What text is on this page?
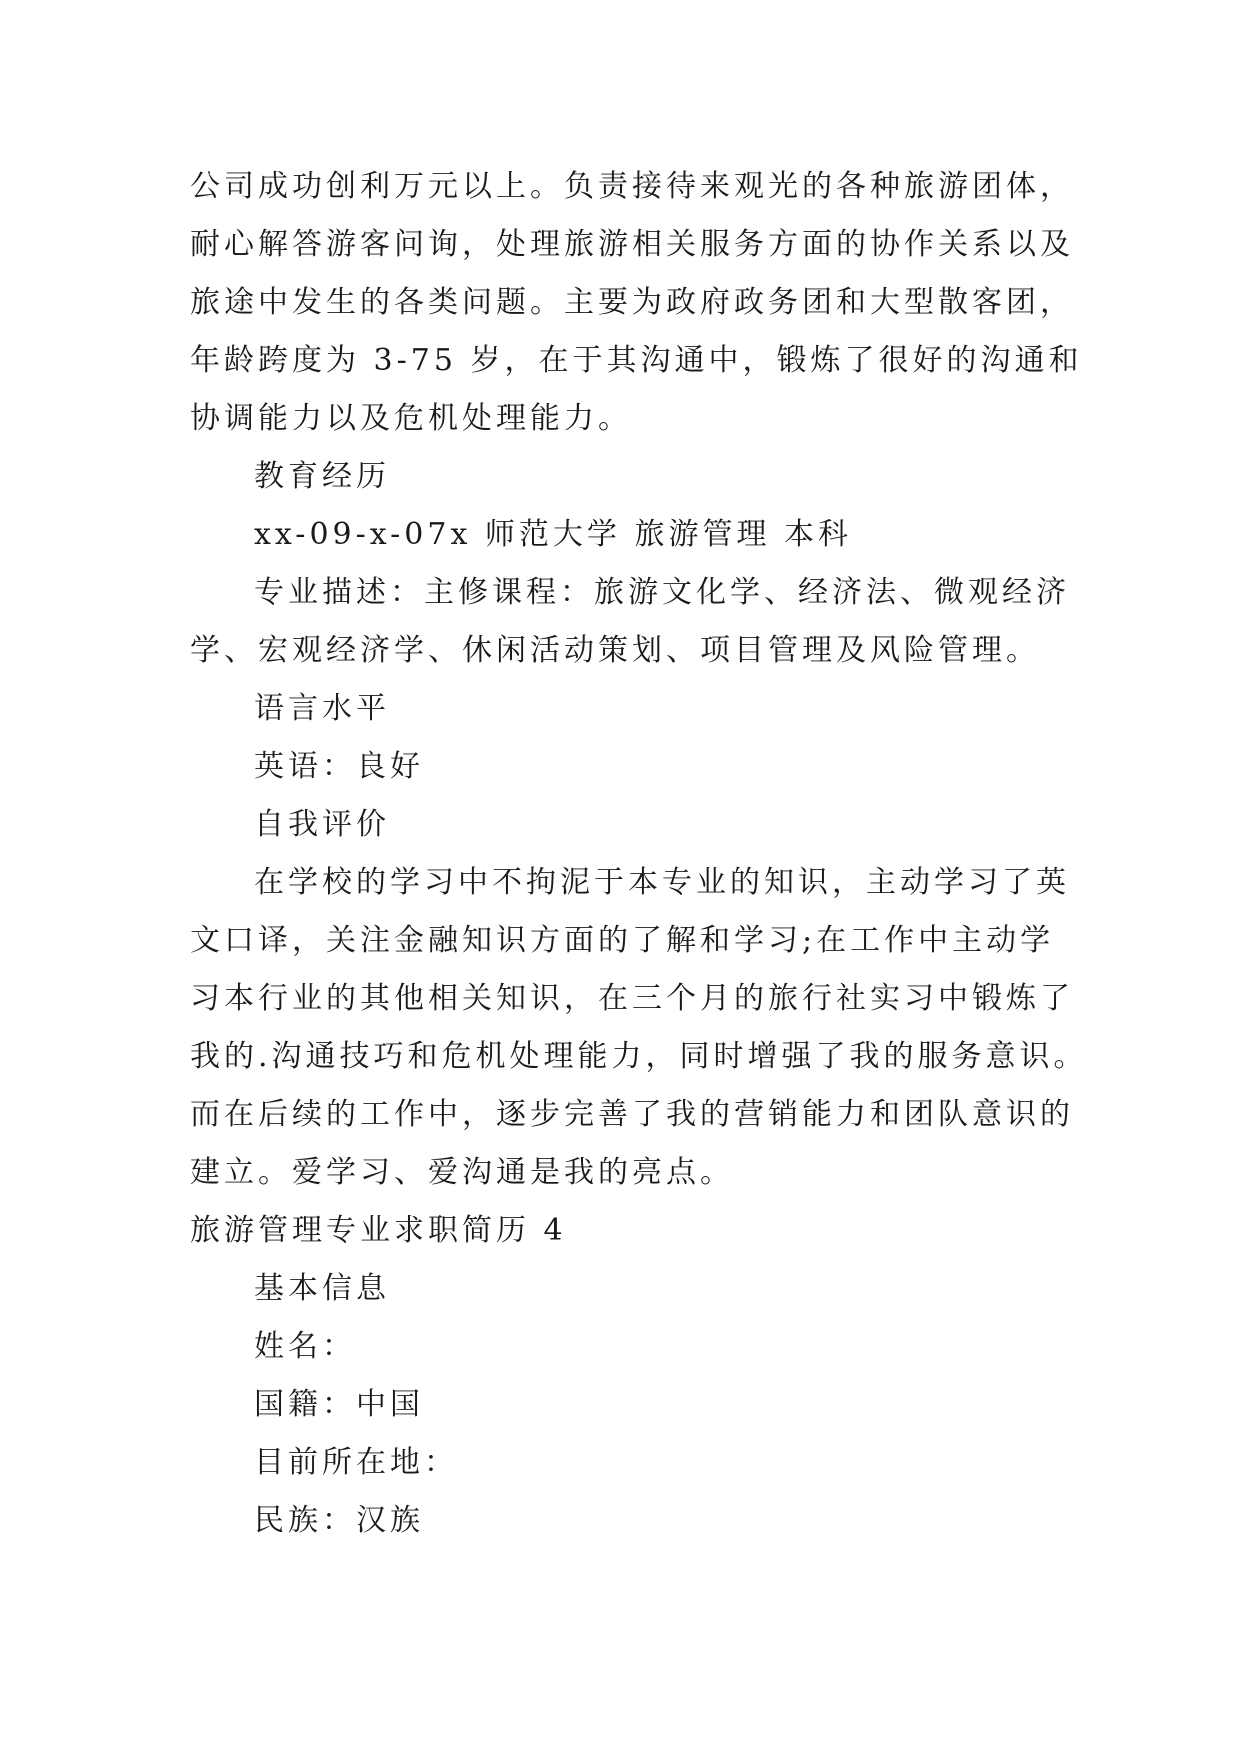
公司成功创利万元以上。负责接待来观光的各种旅游团体，
耐心解答游客问询，处理旅游相关服务方面的协作关系以及
旅途中发生的各类问题。主要为政府政务团和大型散客团，
年龄跨度为 3-75 岁，在于其沟通中，锻炼了很好的沟通和
协调能力以及危机处理能力。

教育经历

xx-09-x-07x 师范大学 旅游管理 本科

专业描述：主修课程：旅游文化学、经济法、微观经济
学、宏观经济学、休闲活动策划、项目管理及风险管理。

语言水平

英语：良好

自我评价

在学校的学习中不拘泥于本专业的知识，主动学习了英
文口译，关注金融知识方面的了解和学习;在工作中主动学
习本行业的其他相关知识，在三个月的旅行社实习中锻炼了
我的.沟通技巧和危机处理能力，同时增强了我的服务意识。
而在后续的工作中，逐步完善了我的营销能力和团队意识的
建立。爱学习、爱沟通是我的亮点。

旅游管理专业求职简历 4

基本信息

姓名：

国籍：中国

目前所在地：

民族：汉族
